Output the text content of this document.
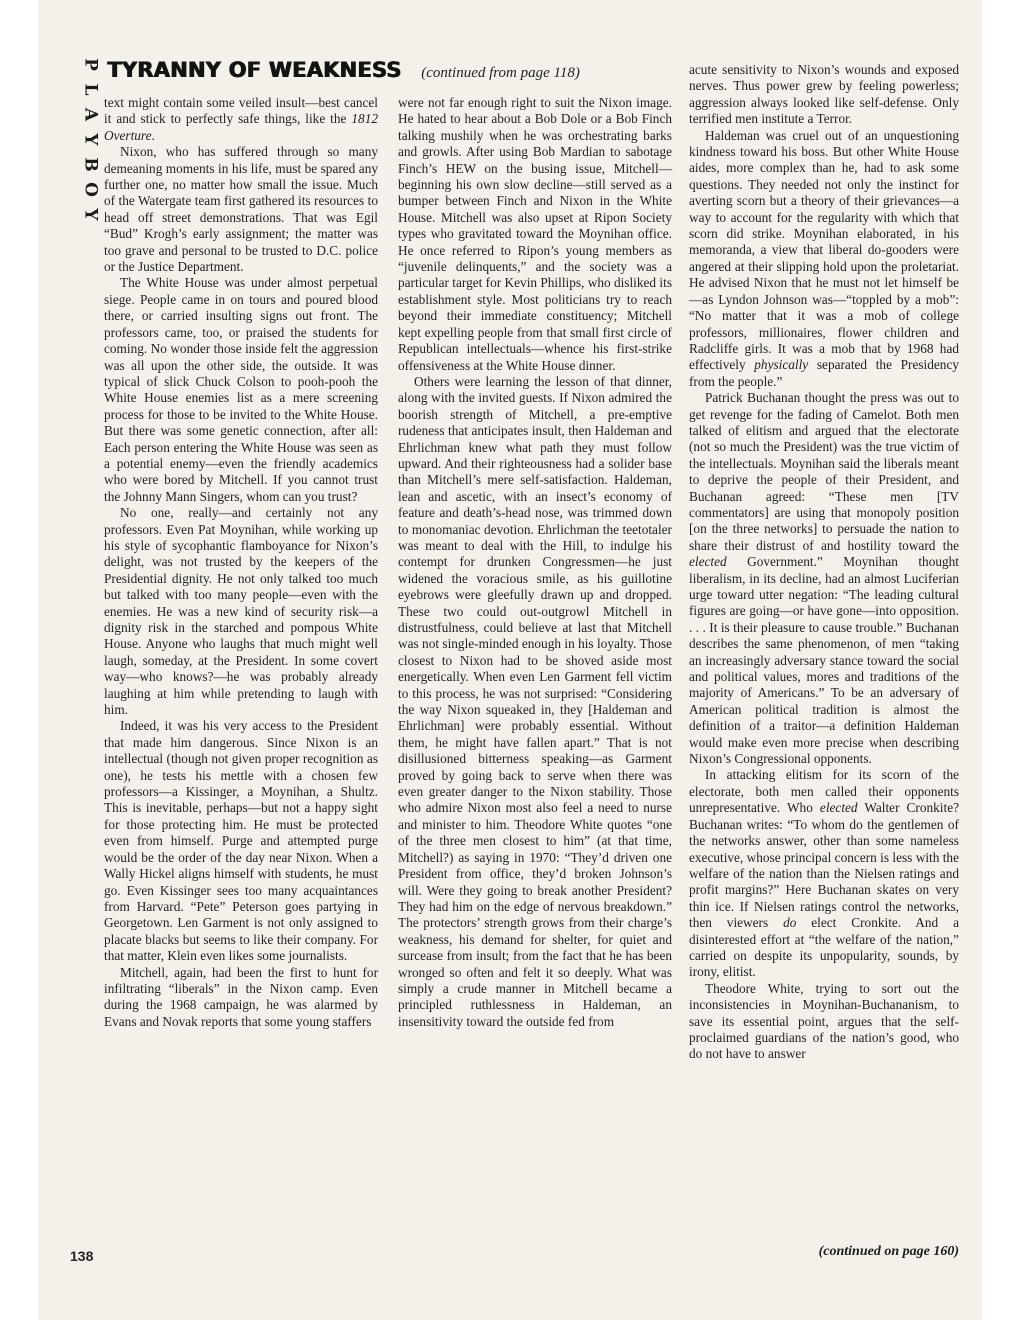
P
L
A
Y
B
O
Y
TYRANNY OF WEAKNESS (continued from page 118)

text might contain some veiled insult—best cancel it and stick to perfectly safe things, like the 1812 Overture.

Nixon, who has suffered through so many demeaning moments in his life, must be spared any further one, no matter how small the issue. Much of the Watergate team first gathered its resources to head off street demonstrations. That was Egil “Bud” Krogh’s early assignment; the matter was too grave and personal to be trusted to D.C. police or the Justice Department.

The White House was under almost perpetual siege. People came in on tours and poured blood there, or carried insulting signs out front. The professors came, too, or praised the students for coming. No wonder those inside felt the aggression was all upon the other side, the outside. It was typical of slick Chuck Colson to pooh-pooh the White House enemies list as a mere screening process for those to be invited to the White House. But there was some genetic connection, after all: Each person entering the White House was seen as a potential enemy—even the friendly academics who were bored by Mitchell. If you cannot trust the Johnny Mann Singers, whom can you trust?

No one, really—and certainly not any professors. Even Pat Moynihan, while working up his style of sycophantic flamboyance for Nixon’s delight, was not trusted by the keepers of the Presidential dignity. He not only talked too much but talked with too many people—even with the enemies. He was a new kind of security risk—a dignity risk in the starched and pompous White House. Anyone who laughs that much might well laugh, someday, at the President. In some covert way—who knows?—he was probably already laughing at him while pretending to laugh with him.

Indeed, it was his very access to the President that made him dangerous. Since Nixon is an intellectual (though not given proper recognition as one), he tests his mettle with a chosen few professors—a Kissinger, a Moynihan, a Shultz. This is inevitable, perhaps—but not a happy sight for those protecting him. He must be protected even from himself. Purge and attempted purge would be the order of the day near Nixon. When a Wally Hickel aligns himself with students, he must go. Even Kissinger sees too many acquaintances from Harvard. “Pete” Peterson goes partying in Georgetown. Len Garment is not only assigned to placate blacks but seems to like their company. For that matter, Klein even likes some journalists.

Mitchell, again, had been the first to hunt for infiltrating “liberals” in the Nixon camp. Even during the 1968 campaign, he was alarmed by Evans and Novak reports that some young staffers

were not far enough right to suit the Nixon image. He hated to hear about a Bob Dole or a Bob Finch talking mushily when he was orchestrating barks and growls. After using Bob Mardian to sabotage Finch’s HEW on the busing issue, Mitchell—beginning his own slow decline—still served as a bumper between Finch and Nixon in the White House. Mitchell was also upset at Ripon Society types who gravitated toward the Moynihan office. He once referred to Ripon’s young members as “juvenile delinquents,” and the society was a particular target for Kevin Phillips, who disliked its establishment style. Most politicians try to reach beyond their immediate constituency; Mitchell kept expelling people from that small first circle of Republican intellectuals—whence his first-strike offensiveness at the White House dinner.

Others were learning the lesson of that dinner, along with the invited guests. If Nixon admired the boorish strength of Mitchell, a pre-emptive rudeness that anticipates insult, then Haldeman and Ehrlichman knew what path they must follow upward. And their righteousness had a solider base than Mitchell’s mere self-satisfaction. Haldeman, lean and ascetic, with an insect’s economy of feature and death’s-head nose, was trimmed down to monomaniac devotion. Ehrlichman the teetotaler was meant to deal with the Hill, to indulge his contempt for drunken Congressmen—he just widened the voracious smile, as his guillotine eyebrows were gleefully drawn up and dropped. These two could out-outgrowl Mitchell in distrustfulness, could believe at last that Mitchell was not single-minded enough in his loyalty. Those closest to Nixon had to be shoved aside most energetically. When even Len Garment fell victim to this process, he was not surprised: “Considering the way Nixon squeaked in, they [Haldeman and Ehrlichman] were probably essential. Without them, he might have fallen apart.” That is not disillusioned bitterness speaking—as Garment proved by going back to serve when there was even greater danger to the Nixon stability. Those who admire Nixon most also feel a need to nurse and minister to him. Theodore White quotes “one of the three men closest to him” (at that time, Mitchell?) as saying in 1970: “They’d driven one President from office, they’d broken Johnson’s will. Were they going to break another President? They had him on the edge of nervous breakdown.” The protectors’ strength grows from their charge’s weakness, his demand for shelter, for quiet and surcease from insult; from the fact that he has been wronged so often and felt it so deeply. What was simply a crude manner in Mitchell became a principled ruthlessness in Haldeman, an insensitivity toward the outside fed from

acute sensitivity to Nixon’s wounds and exposed nerves. Thus power grew by feeling powerless; aggression always looked like self-defense. Only terrified men institute a Terror.

Haldeman was cruel out of an unquestioning kindness toward his boss. But other White House aides, more complex than he, had to ask some questions. They needed not only the instinct for averting scorn but a theory of their grievances—a way to account for the regularity with which that scorn did strike. Moynihan elaborated, in his memoranda, a view that liberal do-gooders were angered at their slipping hold upon the proletariat. He advised Nixon that he must not let himself be—as Lyndon Johnson was—“toppled by a mob”: “No matter that it was a mob of college professors, millionaires, flower children and Radcliffe girls. It was a mob that by 1968 had effectively physically separated the Presidency from the people.”

Patrick Buchanan thought the press was out to get revenge for the fading of Camelot. Both men talked of elitism and argued that the electorate (not so much the President) was the true victim of the intellectuals. Moynihan said the liberals meant to deprive the people of their President, and Buchanan agreed: “These men [TV commentators] are using that monopoly position [on the three networks] to persuade the nation to share their distrust of and hostility toward the elected Government.” Moynihan thought liberalism, in its decline, had an almost Luciferian urge toward utter negation: “The leading cultural figures are going—or have gone—into opposition. . . . It is their pleasure to cause trouble.” Buchanan describes the same phenomenon, of men “taking an increasingly adversary stance toward the social and political values, mores and traditions of the majority of Americans.” To be an adversary of American political tradition is almost the definition of a traitor—a definition Haldeman would make even more precise when describing Nixon’s Congressional opponents.

In attacking elitism for its scorn of the electorate, both men called their opponents unrepresentative. Who elected Walter Cronkite? Buchanan writes: “To whom do the gentlemen of the networks answer, other than some nameless executive, whose principal concern is less with the welfare of the nation than the Nielsen ratings and profit margins?” Here Buchanan skates on very thin ice. If Nielsen ratings control the networks, then viewers do elect Cronkite. And a disinterested effort at “the welfare of the nation,” carried on despite its unpopularity, sounds, by irony, elitist.

Theodore White, trying to sort out the inconsistencies in Moynihan-Buchananism, to save its essential point, argues that the self-proclaimed guardians of the nation’s good, who do not have to answer

(continued on page 160)
138
